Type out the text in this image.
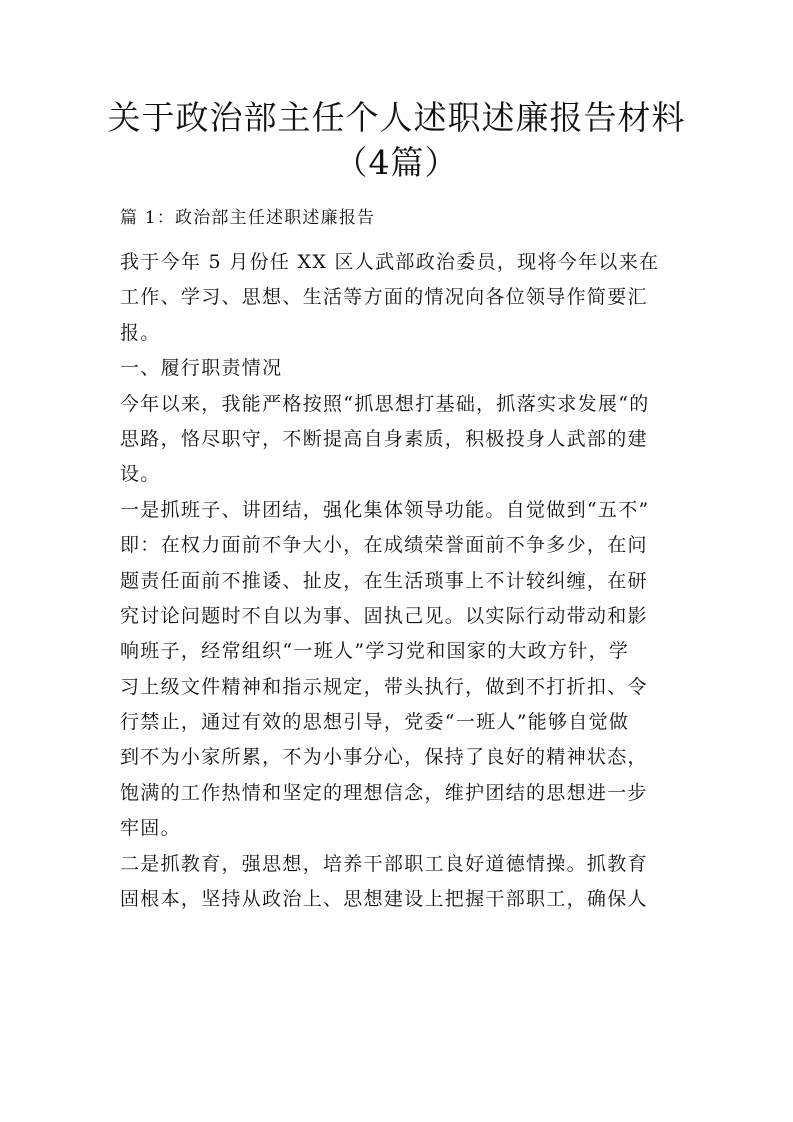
关于政治部主任个人述职述廉报告材料
（4篇）
篇 1：政治部主任述职述廉报告
我于今年 5 月份任 XX 区人武部政治委员，现将今年以来在
工作、学习、思想、生活等方面的情况向各位领导作简要汇
报。
一、履行职责情况
今年以来，我能严格按照“抓思想打基础，抓落实求发展“的
思路，恪尽职守，不断提高自身素质，积极投身人武部的建
设。
一是抓班子、讲团结，强化集体领导功能。自觉做到“五不”
即：在权力面前不争大小，在成绩荣誉面前不争多少，在问
题责任面前不推诿、扯皮，在生活琐事上不计较纠缠，在研
究讨论问题时不自以为事、固执己见。以实际行动带动和影
响班子，经常组织“一班人”学习党和国家的大政方针，学
习上级文件精神和指示规定，带头执行，做到不打折扣、令
行禁止，通过有效的思想引导，党委“一班人”能够自觉做
到不为小家所累，不为小事分心，保持了良好的精神状态，
饱满的工作热情和坚定的理想信念，维护团结的思想进一步
牢固。
二是抓教育，强思想，培养干部职工良好道德情操。抓教育
固根本，坚持从政治上、思想建设上把握干部职工，确保人
